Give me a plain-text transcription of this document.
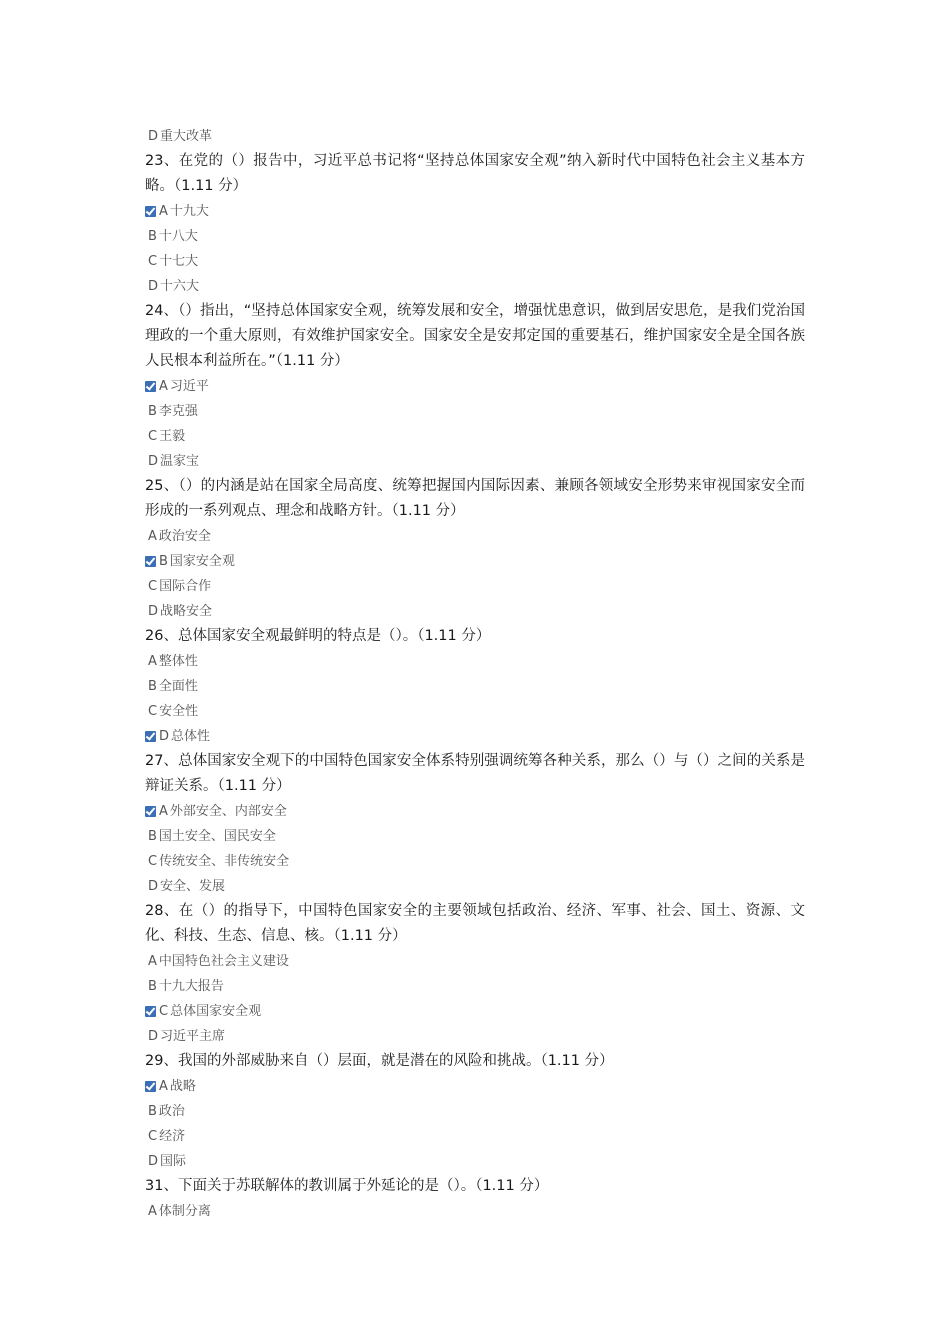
D 重大改革

23、在党的（）报告中，习近平总书记将“坚持总体国家安全观”纳入新时代中国特色社会主义基本方略。（1.11 分）

A 十九大
B 十八大
C 十七大
D 十六大

24、（）指出，“坚持总体国家安全观，统筹发展和安全，增强忧患意识，做到居安思危，是我们党治国理政的一个重大原则，有效维护国家安全。国家安全是安邦定国的重要基石，维护国家安全是全国各族人民根本利益所在。”（1.11 分）

A 习近平
B 李克强
C 王毅
D 温家宝

25、（）的内涵是站在国家全局高度、统筹把握国内国际因素、兼顾各领域安全形势来审视国家安全而形成的一系列观点、理念和战略方针。（1.11 分）

A 政治安全
B 国家安全观
C 国际合作
D 战略安全

26、总体国家安全观最鲜明的特点是（）。（1.11 分）

A 整体性
B 全面性
C 安全性
D 总体性

27、总体国家安全观下的中国特色国家安全体系特别强调统筹各种关系，那么（）与（）之间的关系是辩证关系。（1.11 分）

A 外部安全、内部安全
B 国土安全、国民安全
C 传统安全、非传统安全
D 安全、发展

28、在（）的指导下，中国特色国家安全的主要领域包括政治、经济、军事、社会、国土、资源、文化、科技、生态、信息、核。（1.11 分）

A 中国特色社会主义建设
B 十九大报告
C 总体国家安全观
D 习近平主席

29、我国的外部威胁来自（）层面，就是潜在的风险和挑战。（1.11 分）

A 战略
B 政治
C 经济
D 国际

31、下面关于苏联解体的教训属于外延论的是（）。（1.11 分）

A 体制分离
